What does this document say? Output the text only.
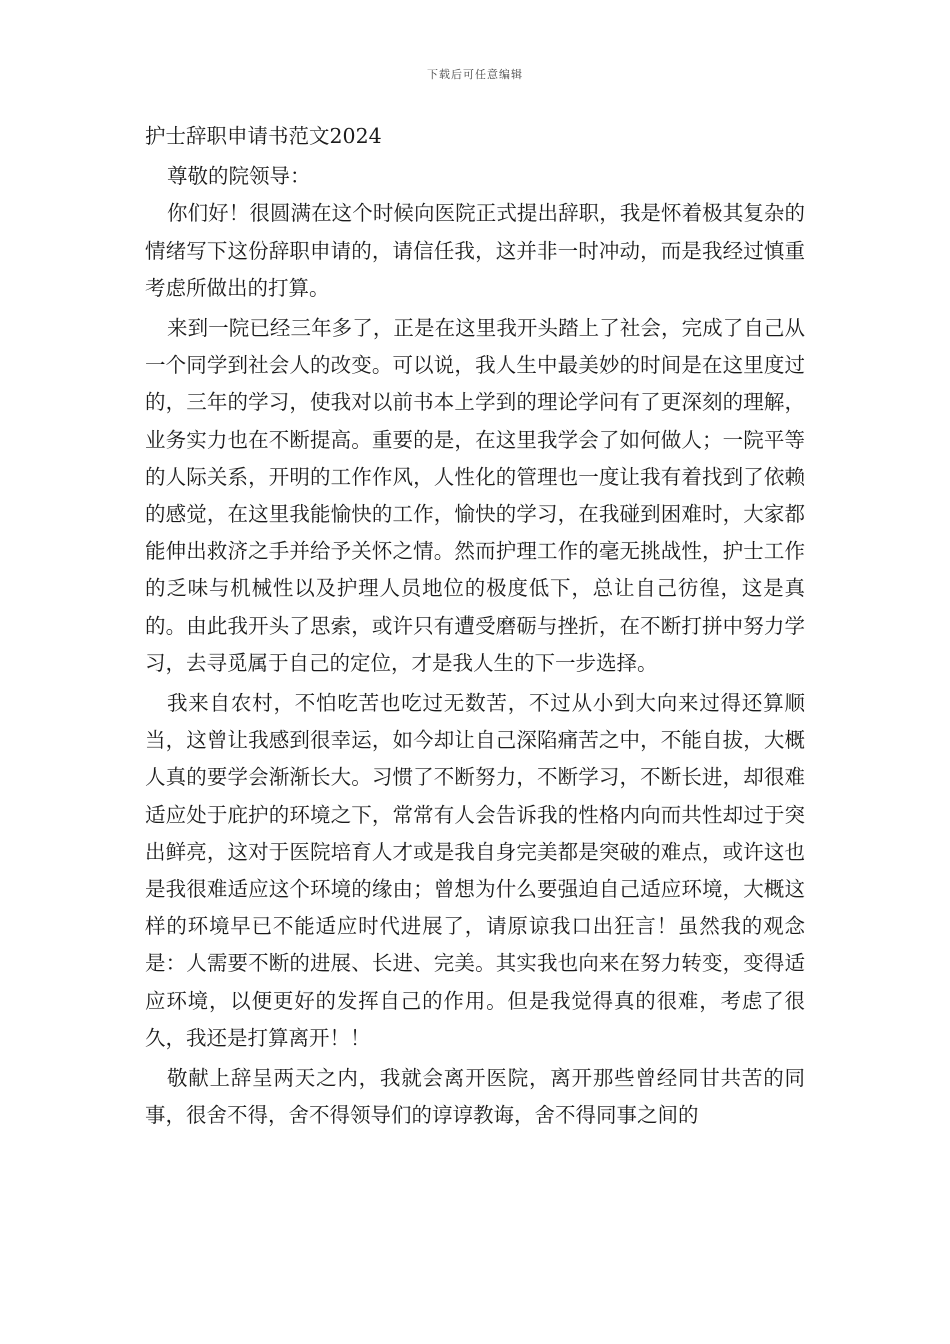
下载后可任意编辑

护士辞职申请书范文2024

尊敬的院领导：

你们好！很圆满在这个时候向医院正式提出辞职，我是怀着极其复杂的情绪写下这份辞职申请的，请信任我，这并非一时冲动，而是我经过慎重考虑所做出的打算。

来到一院已经三年多了，正是在这里我开头踏上了社会，完成了自己从一个同学到社会人的改变。可以说，我人生中最美妙的时间是在这里度过的，三年的学习，使我对以前书本上学到的理论学问有了更深刻的理解，业务实力也在不断提高。重要的是，在这里我学会了如何做人；一院平等的人际关系，开明的工作作风，人性化的管理也一度让我有着找到了依赖的感觉，在这里我能愉快的工作，愉快的学习，在我碰到困难时，大家都能伸出救济之手并给予关怀之情。然而护理工作的毫无挑战性，护士工作的乏味与机械性以及护理人员地位的极度低下，总让自己彷徨，这是真的。由此我开头了思索，或许只有遭受磨砺与挫折，在不断打拼中努力学习，去寻觅属于自己的定位，才是我人生的下一步选择。

我来自农村，不怕吃苦也吃过无数苦，不过从小到大向来过得还算顺当，这曾让我感到很幸运，如今却让自己深陷痛苦之中，不能自拔，大概人真的要学会渐渐长大。习惯了不断努力，不断学习，不断长进，却很难适应处于庇护的环境之下，常常有人会告诉我的性格内向而共性却过于突出鲜亮，这对于医院培育人才或是我自身完美都是突破的难点，或许这也是我很难适应这个环境的缘由；曾想为什么要强迫自己适应环境，大概这样的环境早已不能适应时代进展了，请原谅我口出狂言！虽然我的观念是：人需要不断的进展、长进、完美。其实我也向来在努力转变，变得适应环境，以便更好的发挥自己的作用。但是我觉得真的很难，考虑了很久，我还是打算离开！！

敬献上辞呈两天之内，我就会离开医院，离开那些曾经同甘共苦的同事，很舍不得，舍不得领导们的谆谆教诲，舍不得同事之间的
